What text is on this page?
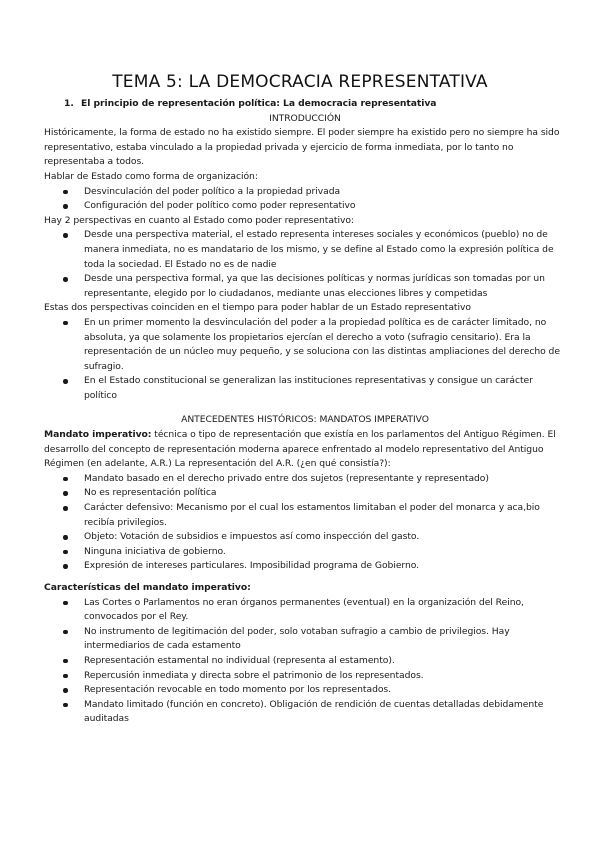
TEMA 5: LA DEMOCRACIA REPRESENTATIVA
1. El principio de representación política: La democracia representativa
INTRODUCCIÓN

Históricamente, la forma de estado no ha existido siempre. El poder siempre ha existido pero no siempre ha sido representativo, estaba vinculado a la propiedad privada y ejercicio de forma inmediata, por lo tanto no representaba a todos.

Hablar de Estado como forma de organización:

Desvinculación del poder político a la propiedad privada
Configuración del poder político como poder representativo

Hay 2 perspectivas en cuanto al Estado como poder representativo:

Desde una perspectiva material, el estado representa intereses sociales y económicos (pueblo) no de manera inmediata, no es mandatario de los mismo, y se define al Estado como la expresión política de toda la sociedad. El Estado no es de nadie
Desde una perspectiva formal, ya que las decisiones políticas y normas jurídicas son tomadas por un representante, elegido por lo ciudadanos, mediante unas elecciones libres y competidas

Estas dos perspectivas coinciden en el tiempo para poder hablar de un Estado representativo

En un primer momento la desvinculación del poder a la propiedad política es de carácter limitado, no absoluta, ya que solamente los propietarios ejercían el derecho a voto (sufragio censitario). Era la representación de un núcleo muy pequeño, y se soluciona con las distintas ampliaciones del derecho de sufragio.
En el Estado constitucional se generalizan las instituciones representativas y consigue un carácter político
ANTECEDENTES HISTÓRICOS: MANDATOS IMPERATIVO

Mandato imperativo: técnica o tipo de representación que existía en los parlamentos del Antiguo Régimen. El desarrollo del concepto de representación moderna aparece enfrentado al modelo representativo del Antiguo Régimen (en adelante, A.R.) La representación del A.R. (¿en qué consistía?):

Mandato basado en el derecho privado entre dos sujetos (representante y representado)
No es representación política
Carácter defensivo: Mecanismo por el cual los estamentos limitaban el poder del monarca y aca,bio recibía privilegios.
Objeto: Votación de subsidios e impuestos así como inspección del gasto.
Ninguna iniciativa de gobierno.
Expresión de intereses particulares. Imposibilidad programa de Gobierno.

Características del mandato imperativo:

Las Cortes o Parlamentos no eran órganos permanentes (eventual) en la organización del Reino, convocados por el Rey.
No instrumento de legitimación del poder, solo votaban sufragio a cambio de privilegios. Hay intermediarios de cada estamento
Representación estamental no individual (representa al estamento).
Repercusión inmediata y directa sobre el patrimonio de los representados.
Representación revocable en todo momento por los representados.
Mandato limitado (función en concreto). Obligación de rendición de cuentas detalladas debidamente auditadas
